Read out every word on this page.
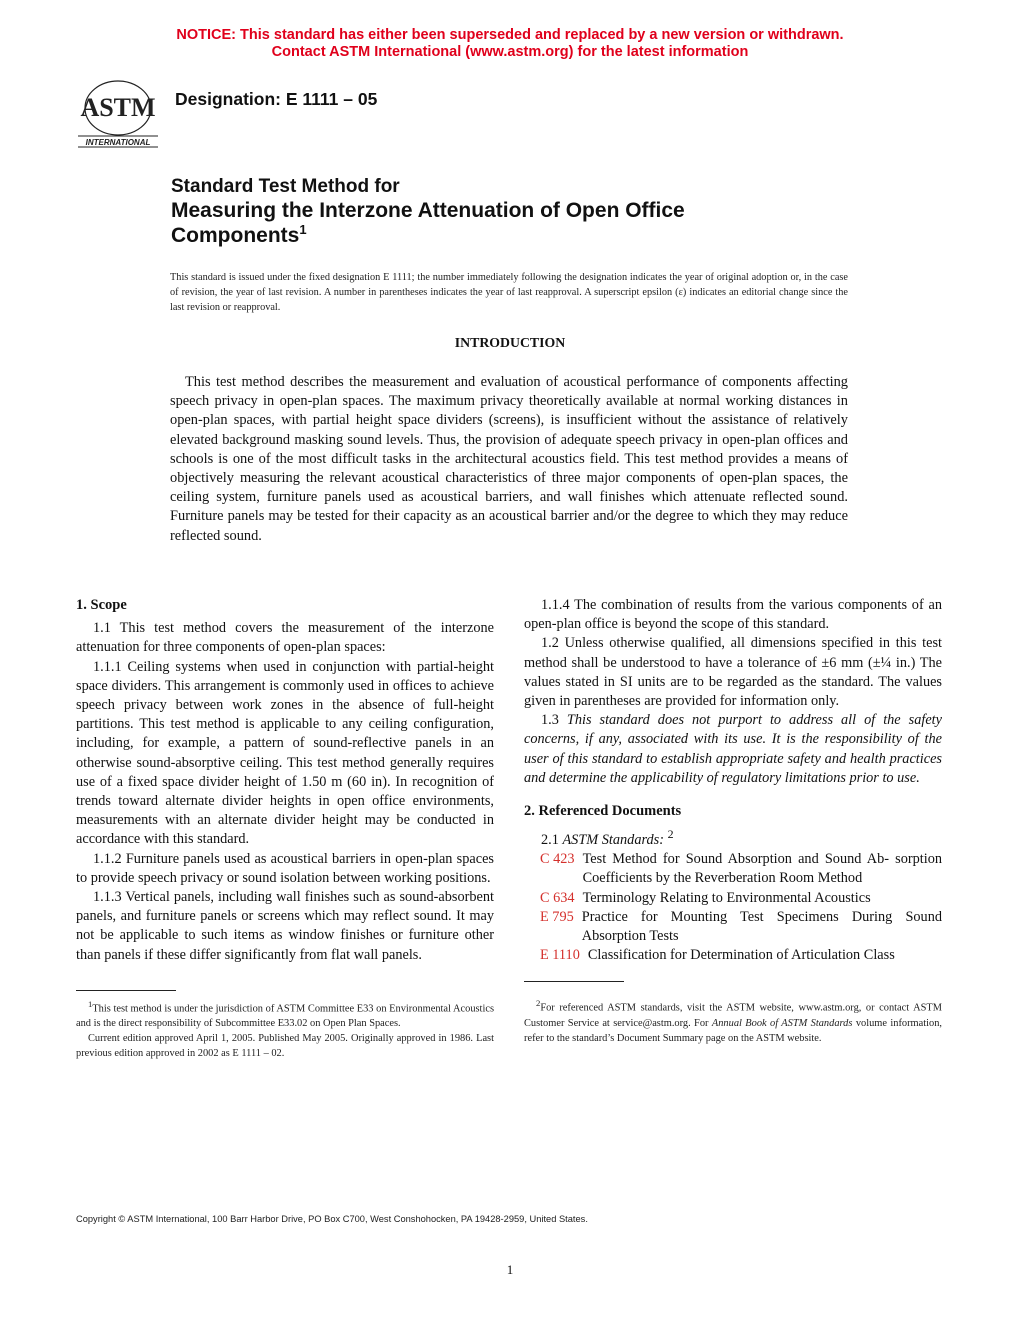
NOTICE: This standard has either been superseded and replaced by a new version or withdrawn.
Contact ASTM International (www.astm.org) for the latest information
ASTM
INTERNATIONAL
Designation: E 1111 – 05
Standard Test Method for
Measuring the Interzone Attenuation of Open Office
Components$^1$
This standard is issued under the fixed designation E 1111; the number immediately following the designation indicates the year of original adoption or, in the case of revision, the year of last revision. A number in parentheses indicates the year of last reapproval. A superscript epsilon (ε) indicates an editorial change since the last revision or reapproval.
INTRODUCTION
This test method describes the measurement and evaluation of acoustical performance of components affecting speech privacy in open-plan spaces. The maximum privacy theoretically available at normal working distances in open-plan spaces, with partial height space dividers (screens), is insufficient without the assistance of relatively elevated background masking sound levels. Thus, the provision of adequate speech privacy in open-plan offices and schools is one of the most difficult tasks in the architectural acoustics field. This test method provides a means of objectively measuring the relevant acoustical characteristics of three major components of open-plan spaces, the ceiling system, furniture panels used as acoustical barriers, and wall finishes which attenuate reflected sound. Furniture panels may be tested for their capacity as an acoustical barrier and/or the degree to which they may reduce reflected sound.
1. Scope

1.1 This test method covers the measurement of the interzone attenuation for three components of open-plan spaces:

1.1.1 Ceiling systems when used in conjunction with partial-height space dividers. This arrangement is commonly used in offices to achieve speech privacy between work zones in the absence of full-height partitions. This test method is applicable to any ceiling configuration, including, for example, a pattern of sound-reflective panels in an otherwise sound-absorptive ceiling. This test method generally requires use of a fixed space divider height of 1.50 m (60 in). In recognition of trends toward alternate divider heights in open office environments, measurements with an alternate divider height may be conducted in accordance with this standard.

1.1.2 Furniture panels used as acoustical barriers in open-plan spaces to provide speech privacy or sound isolation between working positions.

1.1.3 Vertical panels, including wall finishes such as sound-absorbent panels, and furniture panels or screens which may reflect sound. It may not be applicable to such items as window finishes or furniture other than panels if these differ significantly from flat wall panels.

$^1$This test method is under the jurisdiction of ASTM Committee E33 on Environmental Acoustics and is the direct responsibility of Subcommittee E33.02 on Open Plan Spaces.

Current edition approved April 1, 2005. Published May 2005. Originally approved in 1986. Last previous edition approved in 2002 as E 1111 – 02.

1.1.4 The combination of results from the various components of an open-plan office is beyond the scope of this standard.

1.2 Unless otherwise qualified, all dimensions specified in this test method shall be understood to have a tolerance of ±6 mm (±¼ in.) The values stated in SI units are to be regarded as the standard. The values given in parentheses are provided for information only.

1.3 This standard does not purport to address all of the safety concerns, if any, associated with its use. It is the responsibility of the user of this standard to establish appropriate safety and health practices and determine the applicability of regulatory limitations prior to use.

2. Referenced Documents

2.1 ASTM Standards: $^2$

C 423 Test Method for Sound Absorption and Sound Ab- sorption Coefficients by the Reverberation Room Method
C 634 Terminology Relating to Environmental Acoustics
E 795 Practice for Mounting Test Specimens During Sound Absorption Tests
E 1110 Classification for Determination of Articulation Class

$^2$For referenced ASTM standards, visit the ASTM website, www.astm.org, or contact ASTM Customer Service at service@astm.org. For Annual Book of ASTM Standards volume information, refer to the standard’s Document Summary page on the ASTM website.

Copyright © ASTM International, 100 Barr Harbor Drive, PO Box C700, West Conshohocken, PA 19428-2959, United States.
1
